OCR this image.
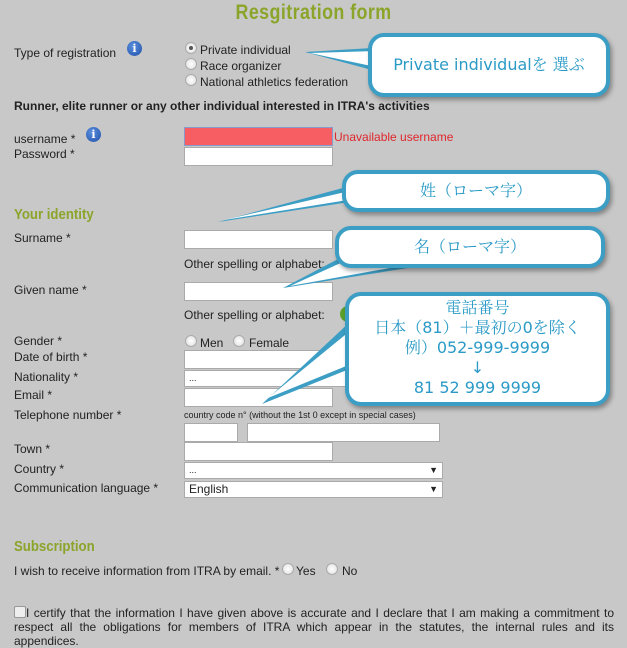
Resgitration form
Type of registration	i	Private individual
Race organizer
National athletics federation
Runner, elite runner or any other individual interested in ITRA's activities
username *	i	Unavailable username
Password *
Your identity
Surname *
Other spelling or alphabet:
Given name *
Other spelling or alphabet:
Gender *	Men Female
Date of birth *
Nationality *	...
Email *
Telephone number *
Town *
Country *	...	▼
Communication language *	English	▼
Subscription
I wish to receive information from ITRA by email. * Yes No
I certify that the information I have given above is accurate and I declare that I am making a commitment to respect all the obligations for members of ITRA which appear in the statutes, the internal rules and its appendices.
country code n° (without the 1st 0 except in special cases)
Private individualを 選ぶ
姓（ローマ字）
名（ローマ字）
電話番号
日本（81）＋最初の0を除く
例）052-999-9999
↓
81 52 999 9999
